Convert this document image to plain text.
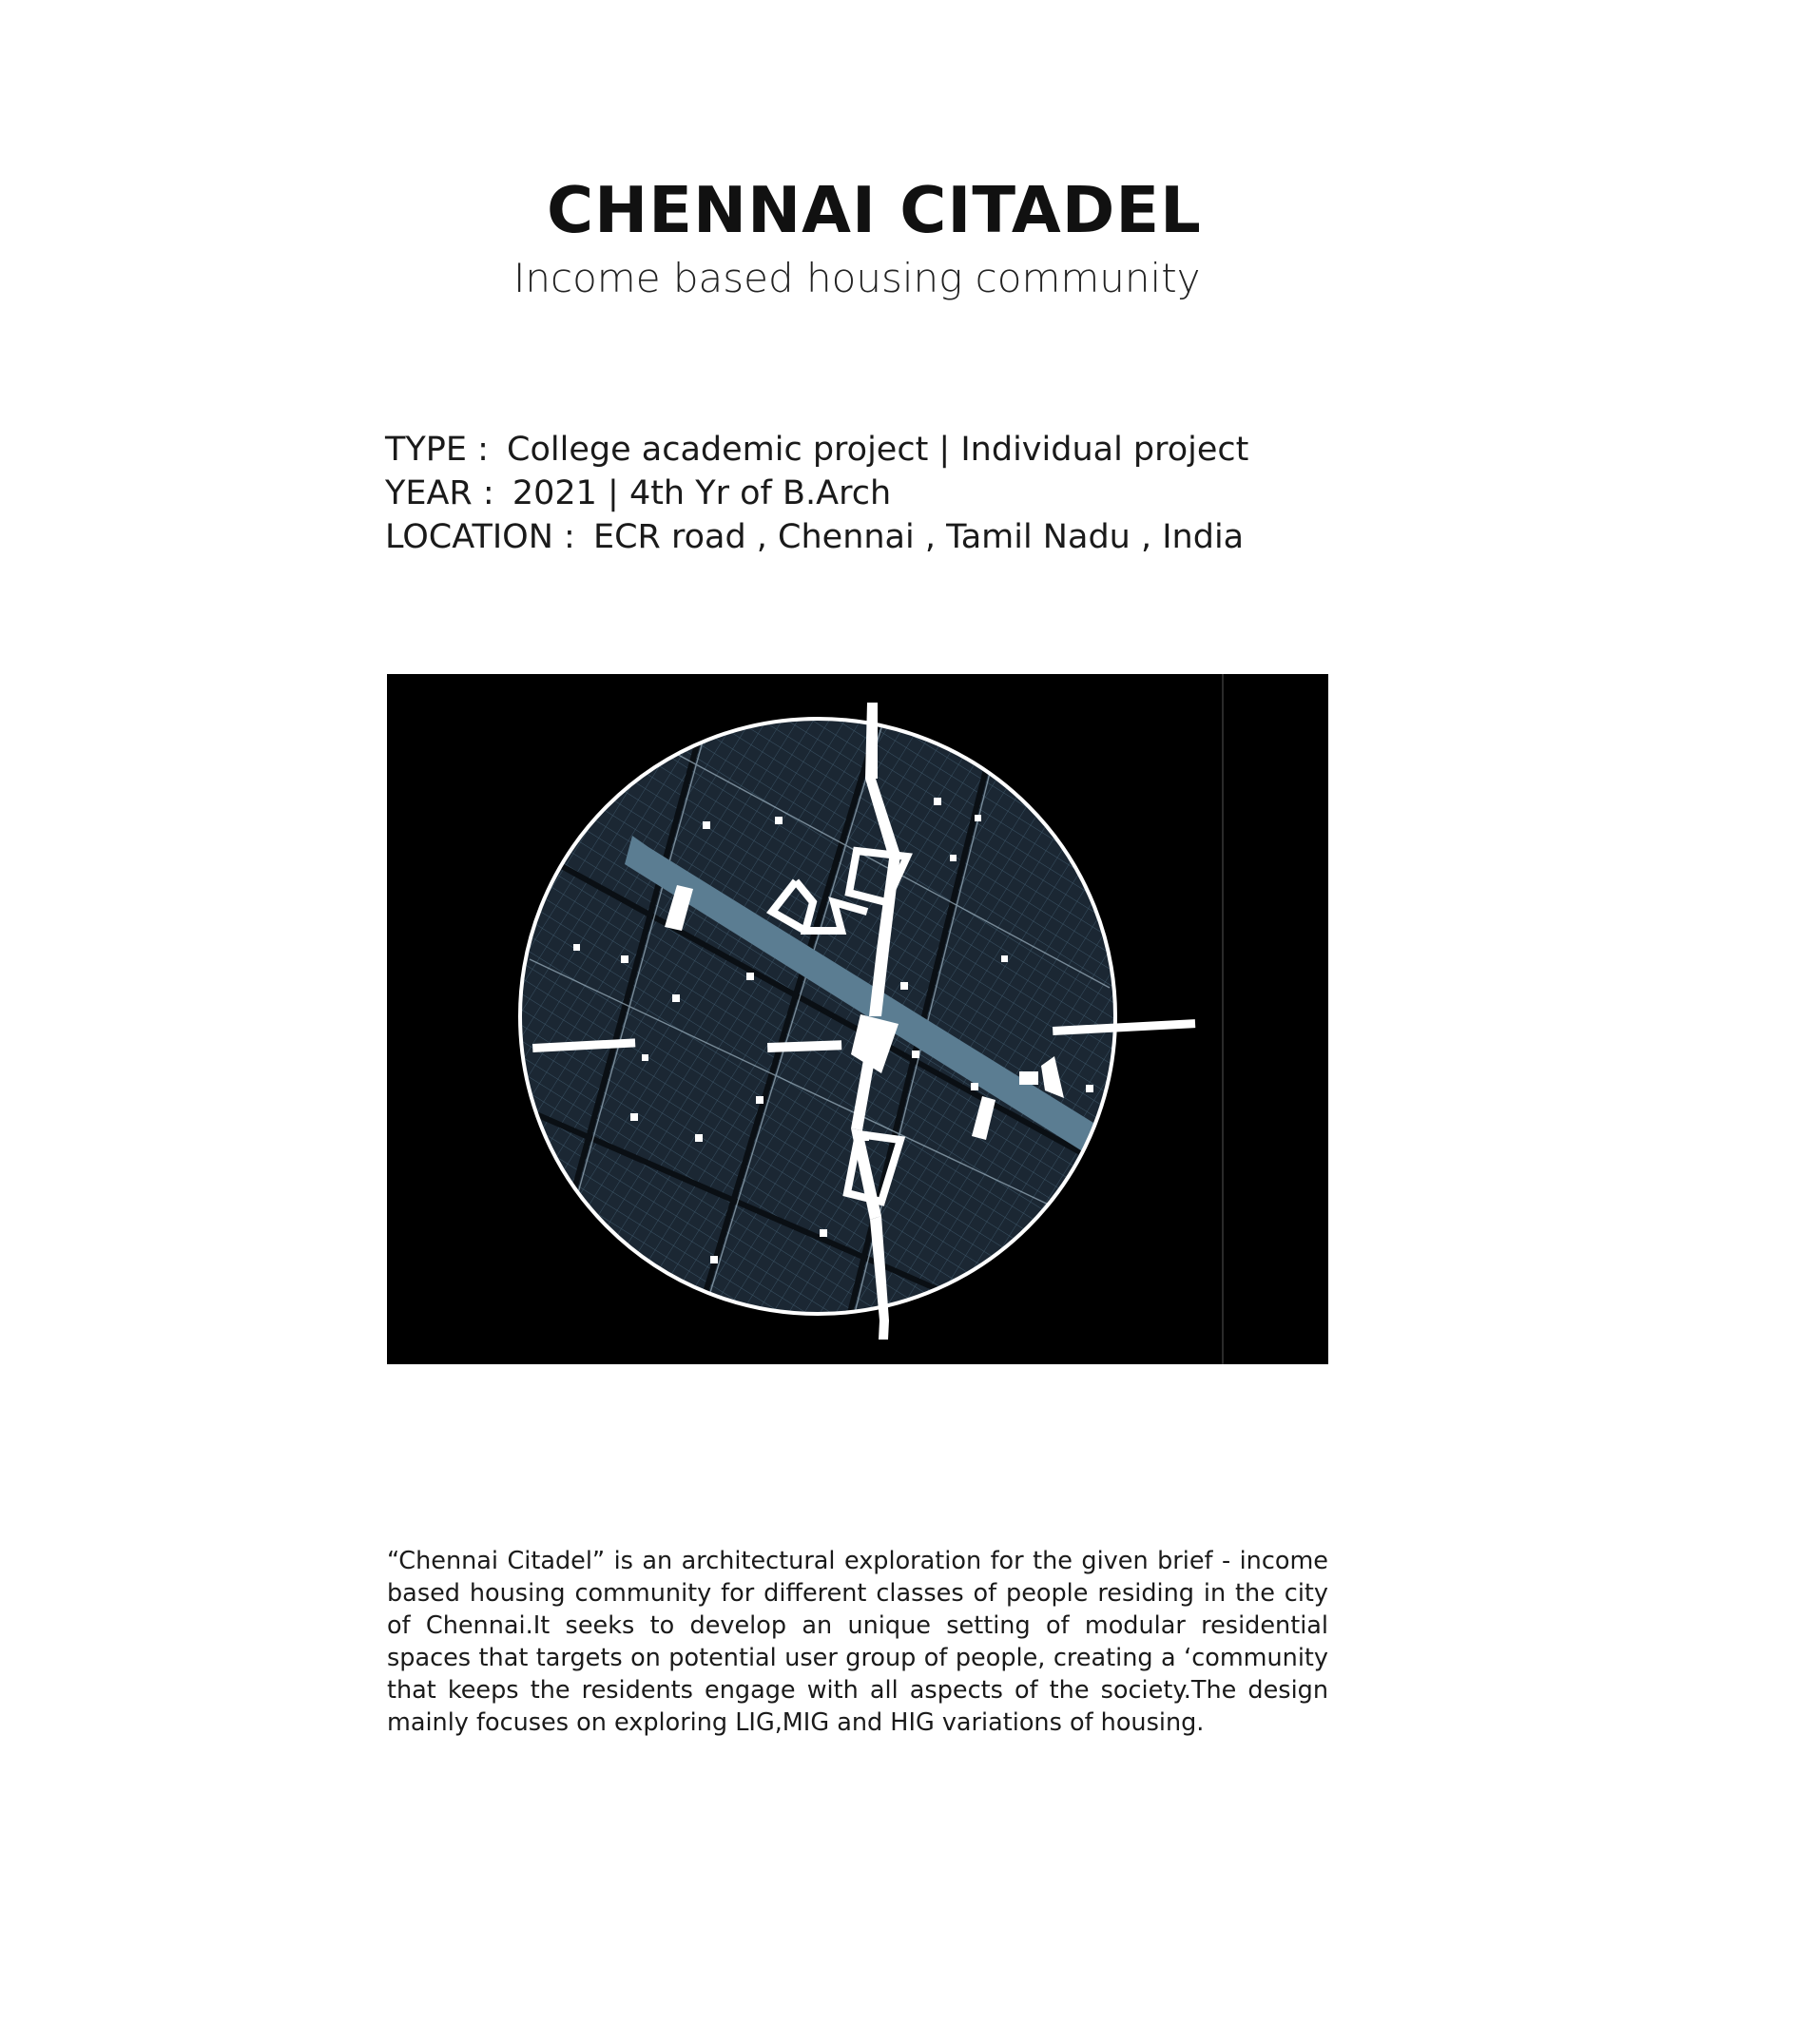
CHENNAI CITADEL
Income based housing community
TYPE : College academic project | Individual project
YEAR : 2021 | 4th Yr of B.Arch
LOCATION : ECR road , Chennai , Tamil Nadu , India
“Chennai Citadel” is an architectural exploration for the given brief - income based housing community for different classes of people residing in the city of Chennai.It seeks to develop an unique setting of modular residential spaces that targets on potential user group of people, creating a ‘community that keeps the residents engage with all aspects of the society.The design mainly focuses on exploring LIG,MIG and HIG variations of housing.
